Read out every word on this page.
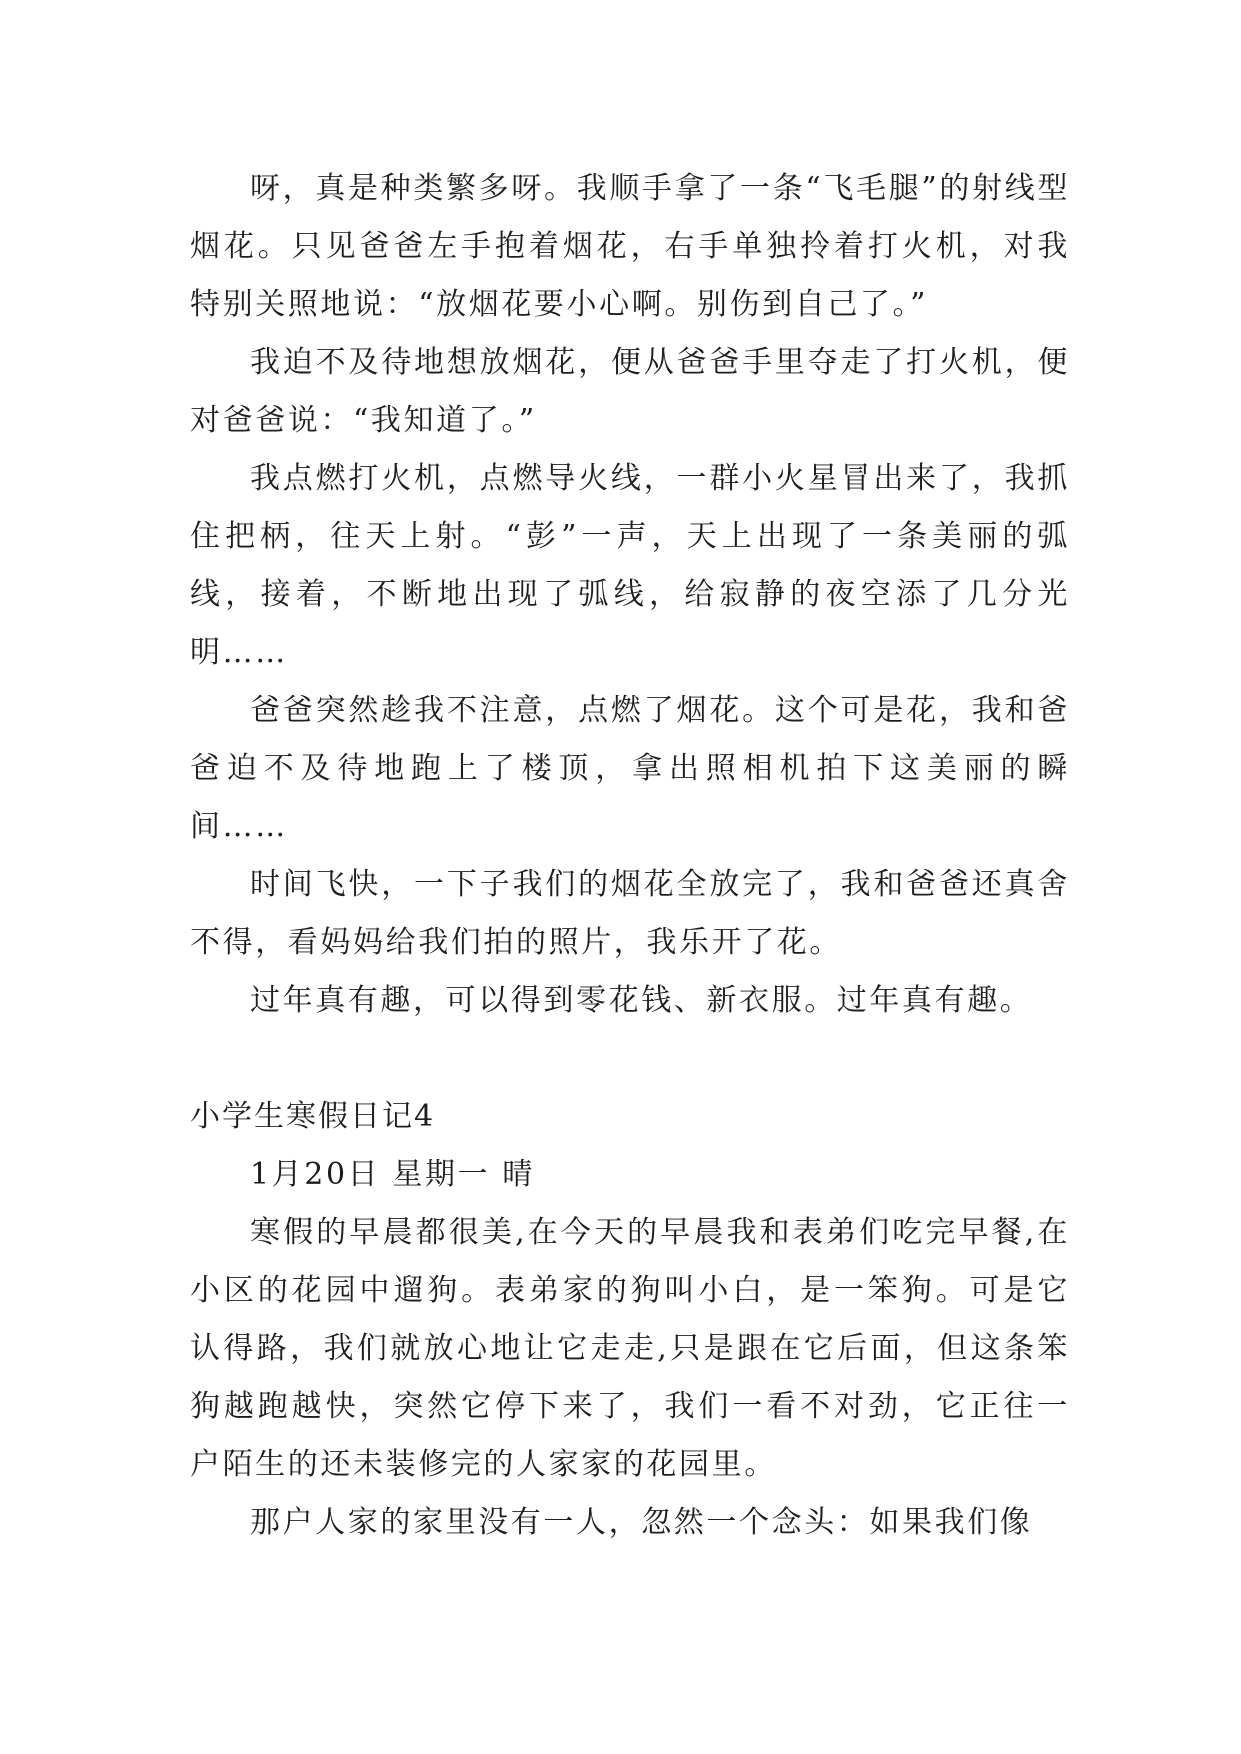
呀，真是种类繁多呀。我顺手拿了一条“飞毛腿”的射线型烟花。只见爸爸左手抱着烟花，右手单独拎着打火机，对我特别关照地说：“放烟花要小心啊。别伤到自己了。”

我迫不及待地想放烟花，便从爸爸手里夺走了打火机，便对爸爸说：“我知道了。”

我点燃打火机，点燃导火线，一群小火星冒出来了，我抓住把柄，往天上射。“彭”一声，天上出现了一条美丽的弧线，接着，不断地出现了弧线，给寂静的夜空添了几分光明……

爸爸突然趁我不注意，点燃了烟花。这个可是花，我和爸爸迫不及待地跑上了楼顶，拿出照相机拍下这美丽的瞬间……

时间飞快，一下子我们的烟花全放完了，我和爸爸还真舍不得，看妈妈给我们拍的照片，我乐开了花。

过年真有趣，可以得到零花钱、新衣服。过年真有趣。

小学生寒假日记4

1月20日 星期一 晴

寒假的早晨都很美,在今天的早晨我和表弟们吃完早餐,在小区的花园中遛狗。表弟家的狗叫小白，是一笨狗。可是它认得路，我们就放心地让它走走,只是跟在它后面，但这条笨狗越跑越快，突然它停下来了，我们一看不对劲，它正往一户陌生的还未装修完的人家家的花园里。

那户人家的家里没有一人，忽然一个念头：如果我们像
